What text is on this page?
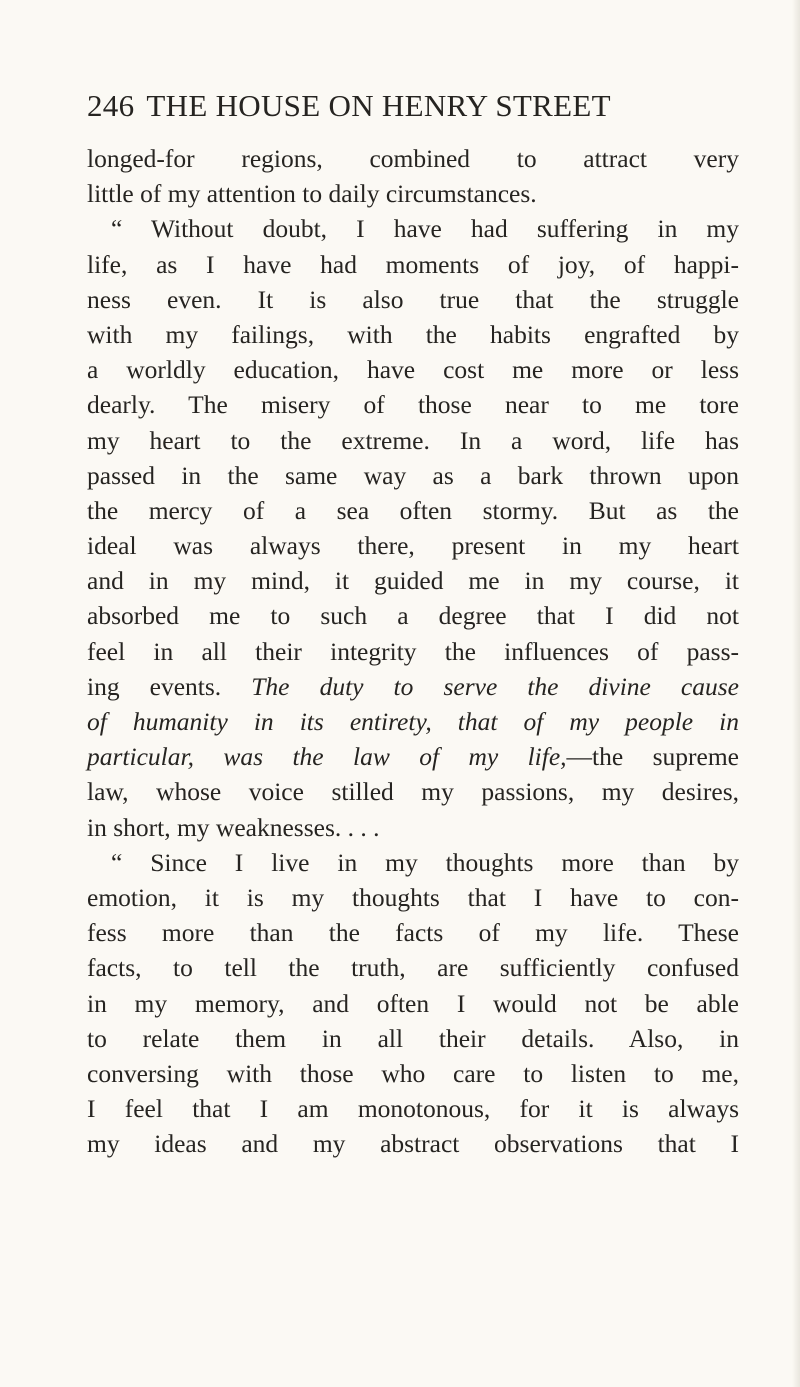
246 THE HOUSE ON HENRY STREET
longed-for regions, combined to attract very
little of my attention to daily circumstances.
“ Without doubt, I have had suffering in my
life, as I have had moments of joy, of happi-
ness even. It is also true that the struggle
with my failings, with the habits engrafted by
a worldly education, have cost me more or less
dearly. The misery of those near to me tore
my heart to the extreme. In a word, life has
passed in the same way as a bark thrown upon
the mercy of a sea often stormy. But as the
ideal was always there, present in my heart
and in my mind, it guided me in my course, it
absorbed me to such a degree that I did not
feel in all their integrity the influences of pass-
ing events. The duty to serve the divine cause
of humanity in its entirety, that of my people in
particular, was the law of my life,—the supreme
law, whose voice stilled my passions, my desires,
in short, my weaknesses. . . .
“ Since I live in my thoughts more than by
emotion, it is my thoughts that I have to con-
fess more than the facts of my life. These
facts, to tell the truth, are sufficiently confused
in my memory, and often I would not be able
to relate them in all their details. Also, in
conversing with those who care to listen to me,
I feel that I am monotonous, for it is always
my ideas and my abstract observations that I
